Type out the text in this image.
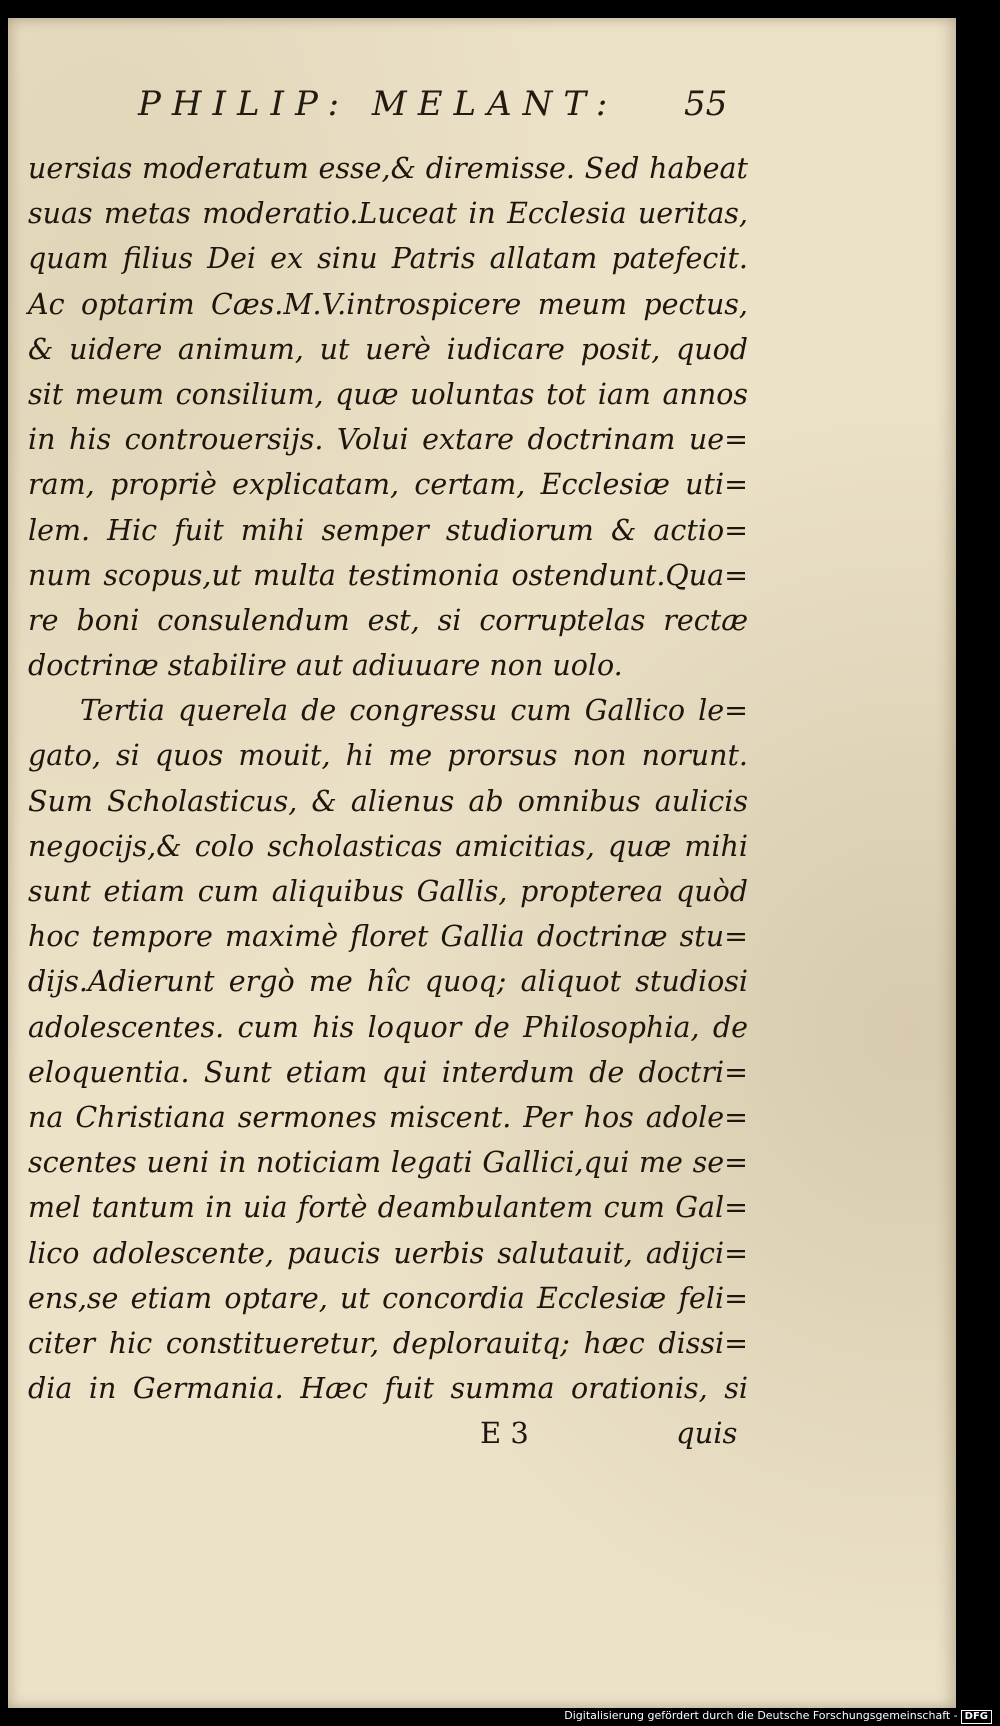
PHILIP: MELANT: 55
uersias moderatum esse,& diremisse. Sed habeat
suas metas moderatio.Luceat in Ecclesia ueritas,
quam filius Dei ex sinu Patris allatam patefecit.
Ac optarim Cæs.M.V.introspicere meum pectus,
& uidere animum, ut uerè iudicare posit, quod
sit meum consilium, quæ uoluntas tot iam annos
in his controuersijs. Volui extare doctrinam ue=
ram, propriè explicatam, certam, Ecclesiæ uti=
lem. Hic fuit mihi semper studiorum & actio=
num scopus,ut multa testimonia ostendunt.Qua=
re boni consulendum est, si corruptelas rectæ
doctrinæ stabilire aut adiuuare non uolo.
Tertia querela de congressu cum Gallico le=
gato, si quos mouit, hi me prorsus non norunt.
Sum Scholasticus, & alienus ab omnibus aulicis
negocijs,& colo scholasticas amicitias, quæ mihi
sunt etiam cum aliquibus Gallis, propterea quòd
hoc tempore maximè floret Gallia doctrinæ stu=
dijs.Adierunt ergò me hîc quoq; aliquot studiosi
adolescentes. cum his loquor de Philosophia, de
eloquentia. Sunt etiam qui interdum de doctri=
na Christiana sermones miscent. Per hos adole=
scentes ueni in noticiam legati Gallici,qui me se=
mel tantum in uia fortè deambulantem cum Gal=
lico adolescente, paucis uerbis salutauit, adijci=
ens,se etiam optare, ut concordia Ecclesiæ feli=
citer hic constitueretur, deplorauitq; hæc dissi=
dia in Germania. Hæc fuit summa orationis, si
E 3	quis
Digitalisierung gefördert durch die Deutsche Forschungsgemeinschaft - DFG
